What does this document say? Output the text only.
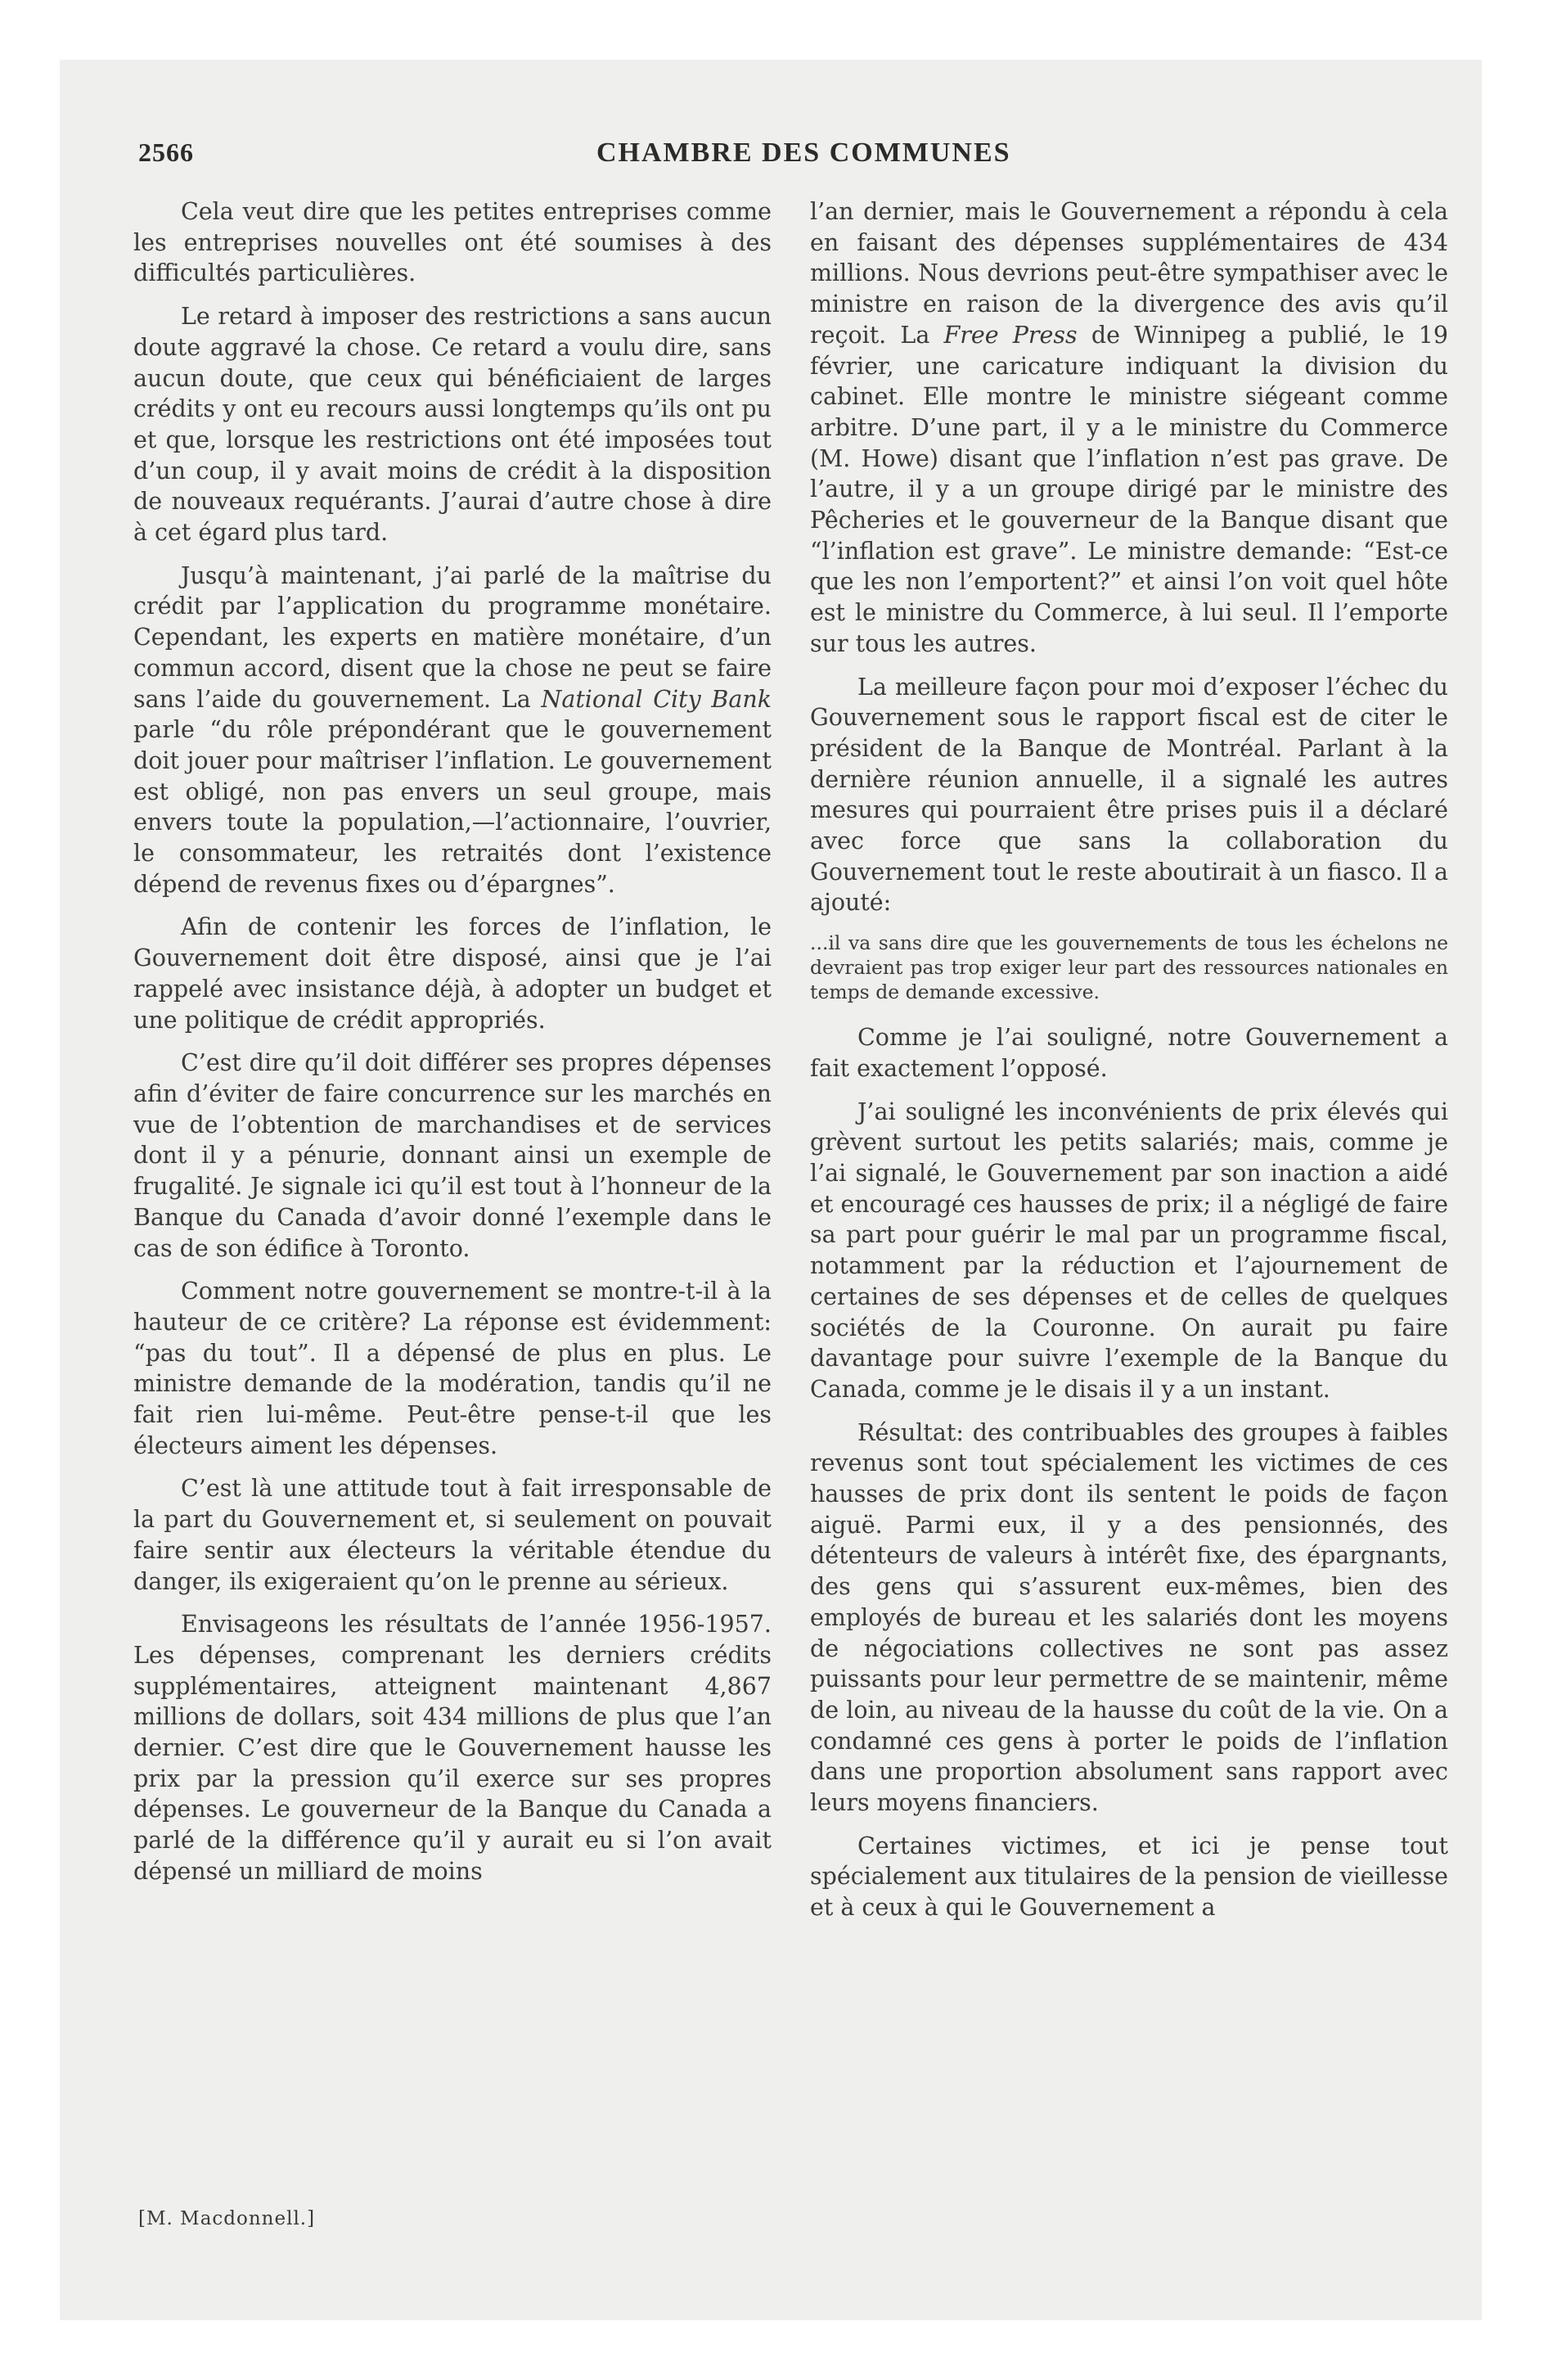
2566	CHAMBRE DES COMMUNES

Cela veut dire que les petites entreprises comme les entreprises nouvelles ont été soumises à des difficultés particulières.

Le retard à imposer des restrictions a sans aucun doute aggravé la chose. Ce retard a voulu dire, sans aucun doute, que ceux qui bénéficiaient de larges crédits y ont eu recours aussi longtemps qu’ils ont pu et que, lorsque les restrictions ont été imposées tout d’un coup, il y avait moins de crédit à la disposition de nouveaux requérants. J’aurai d’autre chose à dire à cet égard plus tard.

Jusqu’à maintenant, j’ai parlé de la maîtrise du crédit par l’application du programme monétaire. Cependant, les experts en matière monétaire, d’un commun accord, disent que la chose ne peut se faire sans l’aide du gouvernement. La National City Bank parle “du rôle prépondérant que le gouvernement doit jouer pour maîtriser l’inflation. Le gouvernement est obligé, non pas envers un seul groupe, mais envers toute la population,—l’actionnaire, l’ouvrier, le consommateur, les retraités dont l’existence dépend de revenus fixes ou d’épargnes”.

Afin de contenir les forces de l’inflation, le Gouvernement doit être disposé, ainsi que je l’ai rappelé avec insistance déjà, à adopter un budget et une politique de crédit appropriés.

C’est dire qu’il doit différer ses propres dépenses afin d’éviter de faire concurrence sur les marchés en vue de l’obtention de marchandises et de services dont il y a pénurie, donnant ainsi un exemple de frugalité. Je signale ici qu’il est tout à l’honneur de la Banque du Canada d’avoir donné l’exemple dans le cas de son édifice à Toronto.

Comment notre gouvernement se montre-t-il à la hauteur de ce critère? La réponse est évidemment: “pas du tout”. Il a dépensé de plus en plus. Le ministre demande de la modération, tandis qu’il ne fait rien lui-même. Peut-être pense-t-il que les électeurs aiment les dépenses.

C’est là une attitude tout à fait irresponsable de la part du Gouvernement et, si seulement on pouvait faire sentir aux électeurs la véritable étendue du danger, ils exigeraient qu’on le prenne au sérieux.

Envisageons les résultats de l’année 1956-1957. Les dépenses, comprenant les derniers crédits supplémentaires, atteignent maintenant 4,867 millions de dollars, soit 434 millions de plus que l’an dernier. C’est dire que le Gouvernement hausse les prix par la pression qu’il exerce sur ses propres dépenses. Le gouverneur de la Banque du Canada a parlé de la différence qu’il y aurait eu si l’on avait dépensé un milliard de moins

l’an dernier, mais le Gouvernement a répondu à cela en faisant des dépenses supplémentaires de 434 millions. Nous devrions peut-être sympathiser avec le ministre en raison de la divergence des avis qu’il reçoit. La Free Press de Winnipeg a publié, le 19 février, une caricature indiquant la division du cabinet. Elle montre le ministre siégeant comme arbitre. D’une part, il y a le ministre du Commerce (M. Howe) disant que l’inflation n’est pas grave. De l’autre, il y a un groupe dirigé par le ministre des Pêcheries et le gouverneur de la Banque disant que “l’inflation est grave”. Le ministre demande: “Est-ce que les non l’emportent?” et ainsi l’on voit quel hôte est le ministre du Commerce, à lui seul. Il l’emporte sur tous les autres.

La meilleure façon pour moi d’exposer l’échec du Gouvernement sous le rapport fiscal est de citer le président de la Banque de Montréal. Parlant à la dernière réunion annuelle, il a signalé les autres mesures qui pourraient être prises puis il a déclaré avec force que sans la collaboration du Gouvernement tout le reste aboutirait à un fiasco. Il a ajouté:

...il va sans dire que les gouvernements de tous les échelons ne devraient pas trop exiger leur part des ressources nationales en temps de demande excessive.

Comme je l’ai souligné, notre Gouvernement a fait exactement l’opposé.

J’ai souligné les inconvénients de prix élevés qui grèvent surtout les petits salariés; mais, comme je l’ai signalé, le Gouvernement par son inaction a aidé et encouragé ces hausses de prix; il a négligé de faire sa part pour guérir le mal par un programme fiscal, notamment par la réduction et l’ajournement de certaines de ses dépenses et de celles de quelques sociétés de la Couronne. On aurait pu faire davantage pour suivre l’exemple de la Banque du Canada, comme je le disais il y a un instant.

Résultat: des contribuables des groupes à faibles revenus sont tout spécialement les victimes de ces hausses de prix dont ils sentent le poids de façon aiguë. Parmi eux, il y a des pensionnés, des détenteurs de valeurs à intérêt fixe, des épargnants, des gens qui s’assurent eux-mêmes, bien des employés de bureau et les salariés dont les moyens de négociations collectives ne sont pas assez puissants pour leur permettre de se maintenir, même de loin, au niveau de la hausse du coût de la vie. On a condamné ces gens à porter le poids de l’inflation dans une proportion absolument sans rapport avec leurs moyens financiers.

Certaines victimes, et ici je pense tout spécialement aux titulaires de la pension de vieillesse et à ceux à qui le Gouvernement a

[M. Macdonnell.]
